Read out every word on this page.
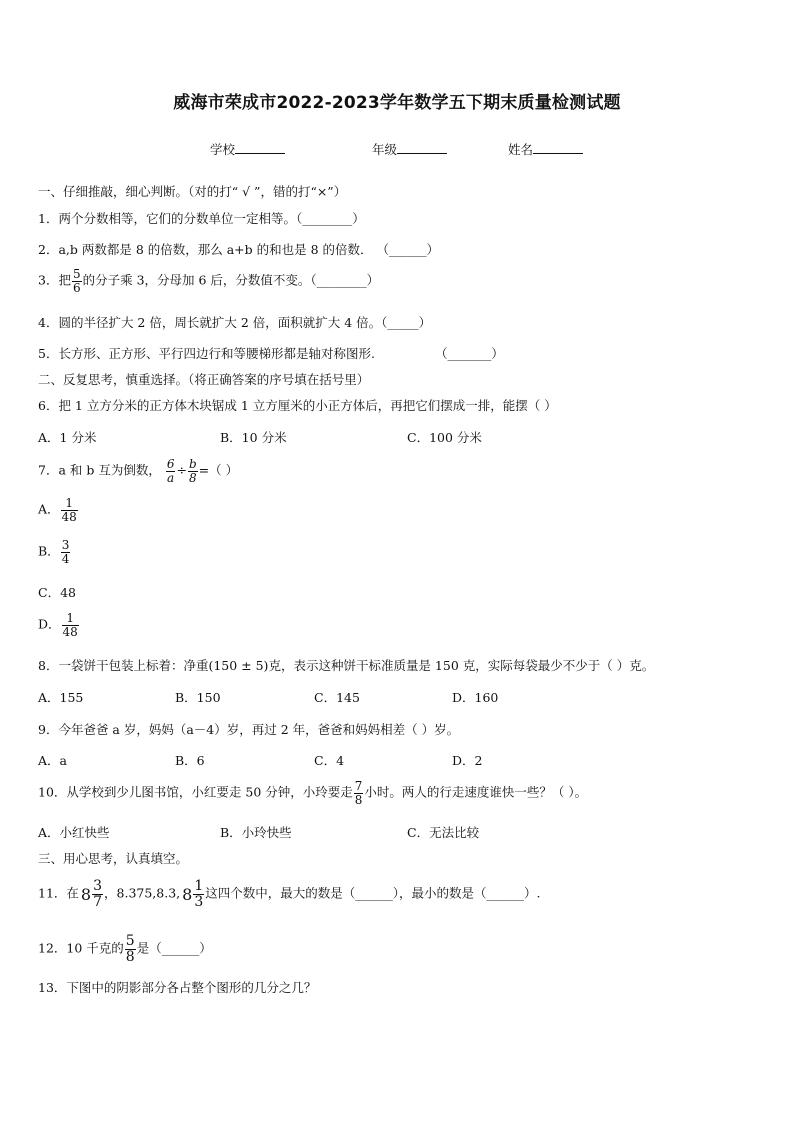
威海市荣成市2022-2023学年数学五下期末质量检测试题
学校	年级	姓名
一、仔细推敲，细心判断。（对的打“ √ ”，错的打“×”）
1．两个分数相等，它们的分数单位一定相等。（________）
2．a,b 两数都是 8 的倍数，那么 a+b 的和也是 8 的倍数． （______）
3．把 $\frac{5}{6}$ 的分子乘 3，分母加 6 后，分数值不变。（________）
4．圆的半径扩大 2 倍，周长就扩大 2 倍，面积就扩大 4 倍。（_____）
5．长方形、正方形、平行四边行和等腰梯形都是轴对称图形.	（_______）
二、反复思考，慎重选择。（将正确答案的序号填在括号里）
6．把 1 立方分米的正方体木块锯成 1 立方厘米的小正方体后，再把它们摆成一排，能摆（ ）
A．1 分米	B．10 分米	C．100 分米
7．a 和 b 互为倒数， $\frac{6}{a} \div \frac{b}{8}$ =（ ）
A． $\frac{1}{48}$
B． $\frac{3}{4}$
C．48
D． $\frac{1}{48}$
8．一袋饼干包装上标着：净重(150 ± 5)克，表示这种饼干标准质量是 150 克，实际每袋最少不少于（ ）克。
A．155	B．150	C．145	D．160
9．今年爸爸 a 岁，妈妈（a－4）岁，再过 2 年，爸爸和妈妈相差（ ）岁。
A．a	B．6	C．4	D．2
10．从学校到少儿图书馆，小红要走 50 分钟，小玲要走 $\frac{7}{8}$ 小时。两人的行走速度谁快一些？（ ）。
A．小红快些	B．小玲快些	C．无法比较
三、用心思考，认真填空。
11．在 $8 \frac{3}{7}$ ，8.375,8.3, $8 \frac{1}{3}$ 这四个数中，最大的数是（______），最小的数是（______）.
12．10 千克的 $\frac{5}{8}$ 是（______）
13．下图中的阴影部分各占整个图形的几分之几？
